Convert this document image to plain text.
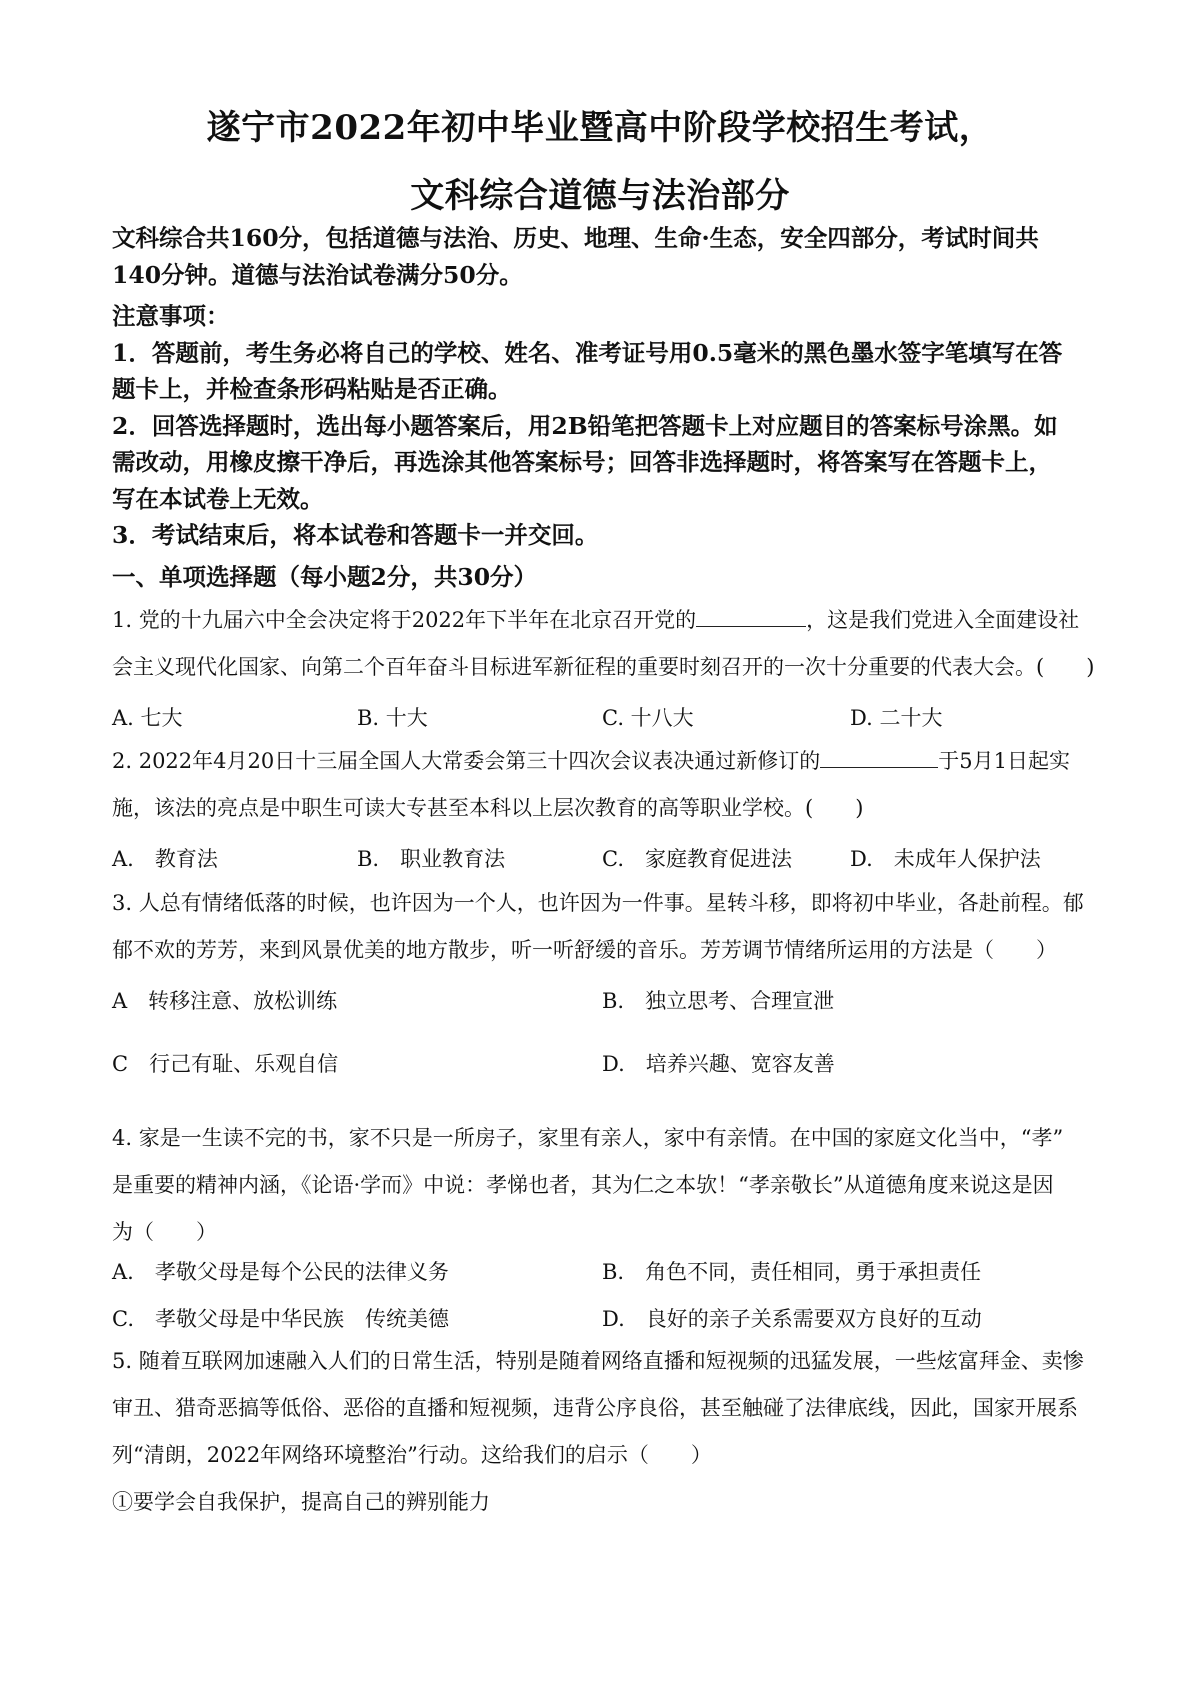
遂宁市2022年初中毕业暨高中阶段学校招生考试，
文科综合道德与法治部分
文科综合共160分，包括道德与法治、历史、地理、生命·生态，安全四部分，考试时间共
140分钟。道德与法治试卷满分50分。
注意事项：
1．答题前，考生务必将自己的学校、姓名、准考证号用0.5毫米的黑色墨水签字笔填写在答
题卡上，并检查条形码粘贴是否正确。
2．回答选择题时，选出每小题答案后，用2B铅笔把答题卡上对应题目的答案标号涂黑。如
需改动，用橡皮擦干净后，再选涂其他答案标号；回答非选择题时，将答案写在答题卡上，
写在本试卷上无效。
3．考试结束后，将本试卷和答题卡一并交回。
一、单项选择题（每小题2分，共30分）
1. 党的十九届六中全会决定将于2022年下半年在北京召开党的	，这是我们党进入全面建设社
会主义现代化国家、向第二个百年奋斗目标进军新征程的重要时刻召开的一次十分重要的代表大会。(　　)
A. 七大	B. 十大	C. 十八大	D. 二十大
2. 2022年4月20日十三届全国人大常委会第三十四次会议表决通过新修订的	于5月1日起实
施，该法的亮点是中职生可读大专甚至本科以上层次教育的高等职业学校。(　　)
A.　教育法	B.　职业教育法	C.　家庭教育促进法	D.　未成年人保护法
3. 人总有情绪低落的时候，也许因为一个人，也许因为一件事。星转斗移，即将初中毕业，各赴前程。郁
郁不欢的芳芳，来到风景优美的地方散步，听一听舒缓的音乐。芳芳调节情绪所运用的方法是（　　）
A　转移注意、放松训练	B.　独立思考、合理宣泄
C　行己有耻、乐观自信	D.　培养兴趣、宽容友善
4. 家是一生读不完的书，家不只是一所房子，家里有亲人，家中有亲情。在中国的家庭文化当中，“孝”
是重要的精神内涵，《论语·学而》中说：孝悌也者，其为仁之本欤！“孝亲敬长”从道德角度来说这是因
为（　　）
A.　孝敬父母是每个公民的法律义务	B.　角色不同，责任相同，勇于承担责任
C.　孝敬父母是中华民族　传统美德	D.　良好的亲子关系需要双方良好的互动
5. 随着互联网加速融入人们的日常生活，特别是随着网络直播和短视频的迅猛发展，一些炫富拜金、卖惨
审丑、猎奇恶搞等低俗、恶俗的直播和短视频，违背公序良俗，甚至触碰了法律底线，因此，国家开展系
列“清朗，2022年网络环境整治”行动。这给我们的启示（　　）
①要学会自我保护，提高自己的辨别能力
